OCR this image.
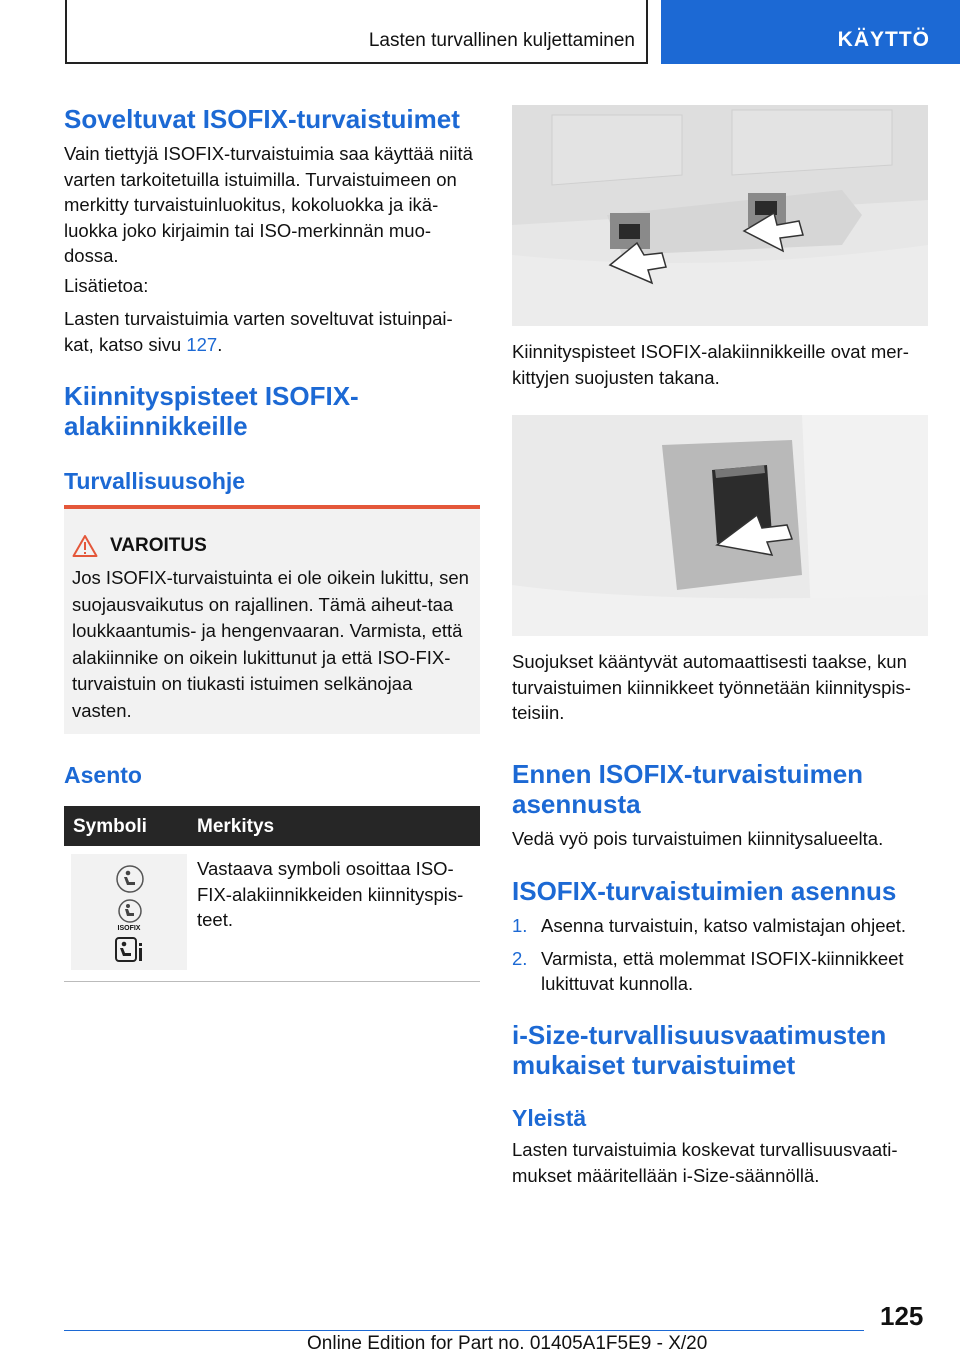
Lasten turvallinen kuljettaminen	KÄYTTÖ
Soveltuvat ISOFIX-turvaistuimet

Vain tiettyjä ISOFIX-turvaistuimia saa käyttää niitä varten tarkoitetuilla istuimilla. Turvaistuimeen on merkitty turvaistuinluokitus, kokoluokka ja ikä-luokka joko kirjaimin tai ISO-merkinnän muo-dossa.

Lisätietoa:

Lasten turvaistuimia varten soveltuvat istuinpai-kat, katso sivu 127.

Kiinnityspisteet ISOFIX-alakiinnikkeille
Turvallisuusohje
VAROITUS
Jos ISOFIX-turvaistuinta ei ole oikein lukittu, sen suojausvaikutus on rajallinen. Tämä aiheut-taa loukkaantumis- ja hengenvaaran. Varmista, että alakiinnike on oikein lukittunut ja että ISO-FIX-turvaistuin on tiukasti istuimen selkänojaa vasten.
Asento
Symboli	Merkitys
ISOFIX

Vastaava symboli osoittaa ISO-FIX-alakiinnikkeiden kiinnityspis-teet.

Kiinnityspisteet ISOFIX-alakiinnikkeille ovat mer-kittyjen suojusten takana.

Suojukset kääntyvät automaattisesti taakse, kun turvaistuimen kiinnikkeet työnnetään kiinnityspis-teisiin.

Ennen ISOFIX-turvaistuimen asennusta

Vedä vyö pois turvaistuimen kiinnitysalueelta.

ISOFIX-turvaistuimien asennus
1. Asenna turvaistuin, katso valmistajan ohjeet.
2. Varmista, että molemmat ISOFIX-kiinnikkeet lukittuvat kunnolla.
i-Size-turvallisuusvaatimusten mukaiset turvaistuimet
Yleistä

Lasten turvaistuimia koskevat turvallisuusvaati-mukset määritellään i-Size-säännöllä.

125
Online Edition for Part no. 01405A1F5E9 - X/20
